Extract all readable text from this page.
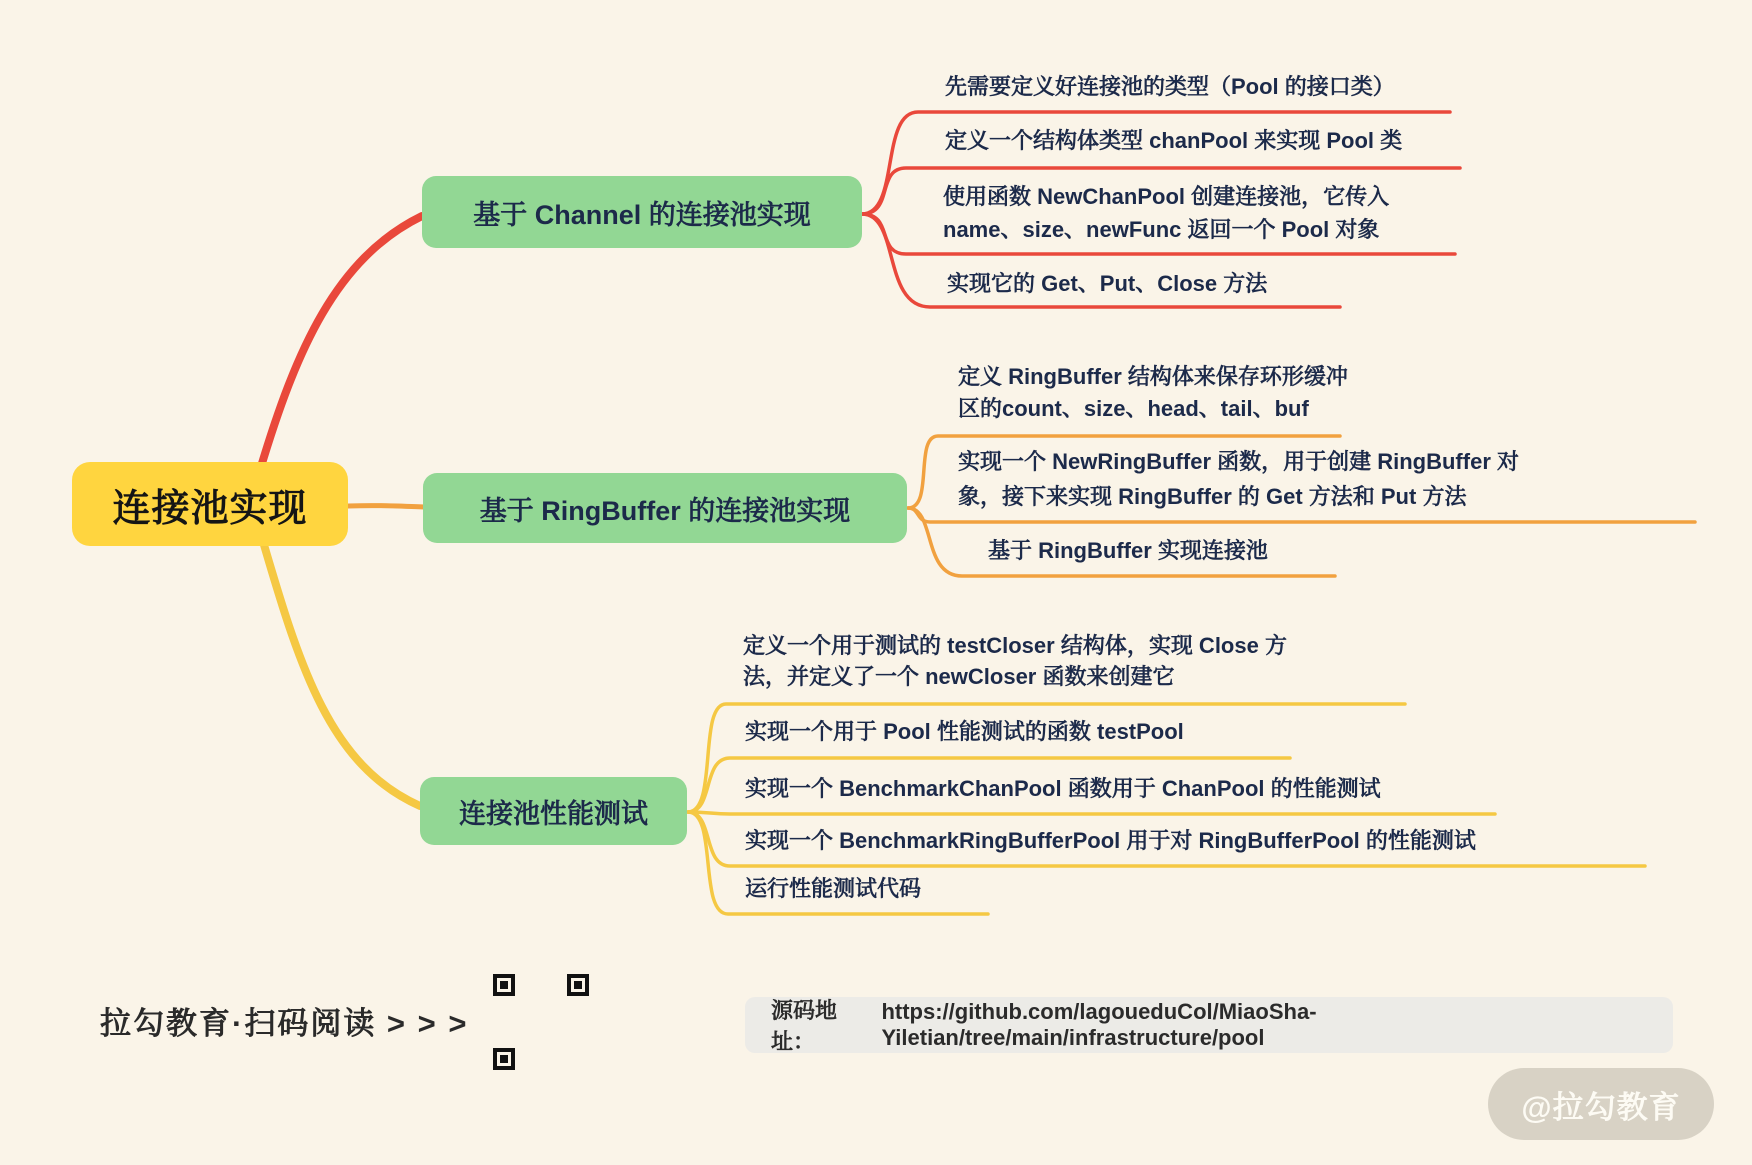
连接池实现
基于 Channel 的连接池实现
基于 RingBuffer 的连接池实现
连接池性能测试
先需要定义好连接池的类型（Pool 的接口类）
定义一个结构体类型 chanPool 来实现 Pool 类
使用函数 NewChanPool 创建连接池，它传入
name、size、newFunc 返回一个 Pool 对象
实现它的 Get、Put、Close 方法
定义 RingBuffer 结构体来保存环形缓冲
区的count、size、head、tail、buf
实现一个 NewRingBuffer 函数，用于创建 RingBuffer 对
象，接下来实现 RingBuffer 的 Get 方法和 Put 方法
基于 RingBuffer 实现连接池
定义一个用于测试的 testCloser 结构体，实现 Close 方
法，并定义了一个 newCloser 函数来创建它
实现一个用于 Pool 性能测试的函数 testPool
实现一个 BenchmarkChanPool 函数用于 ChanPool 的性能测试
实现一个 BenchmarkRingBufferPool 用于对 RingBufferPool 的性能测试
运行性能测试代码
拉勾教育·扫码阅读 > > >	源码地址：
https://github.com/lagoueduCol/MiaoSha-Yiletian/tree/main/infrastructure/pool
@拉勾教育
